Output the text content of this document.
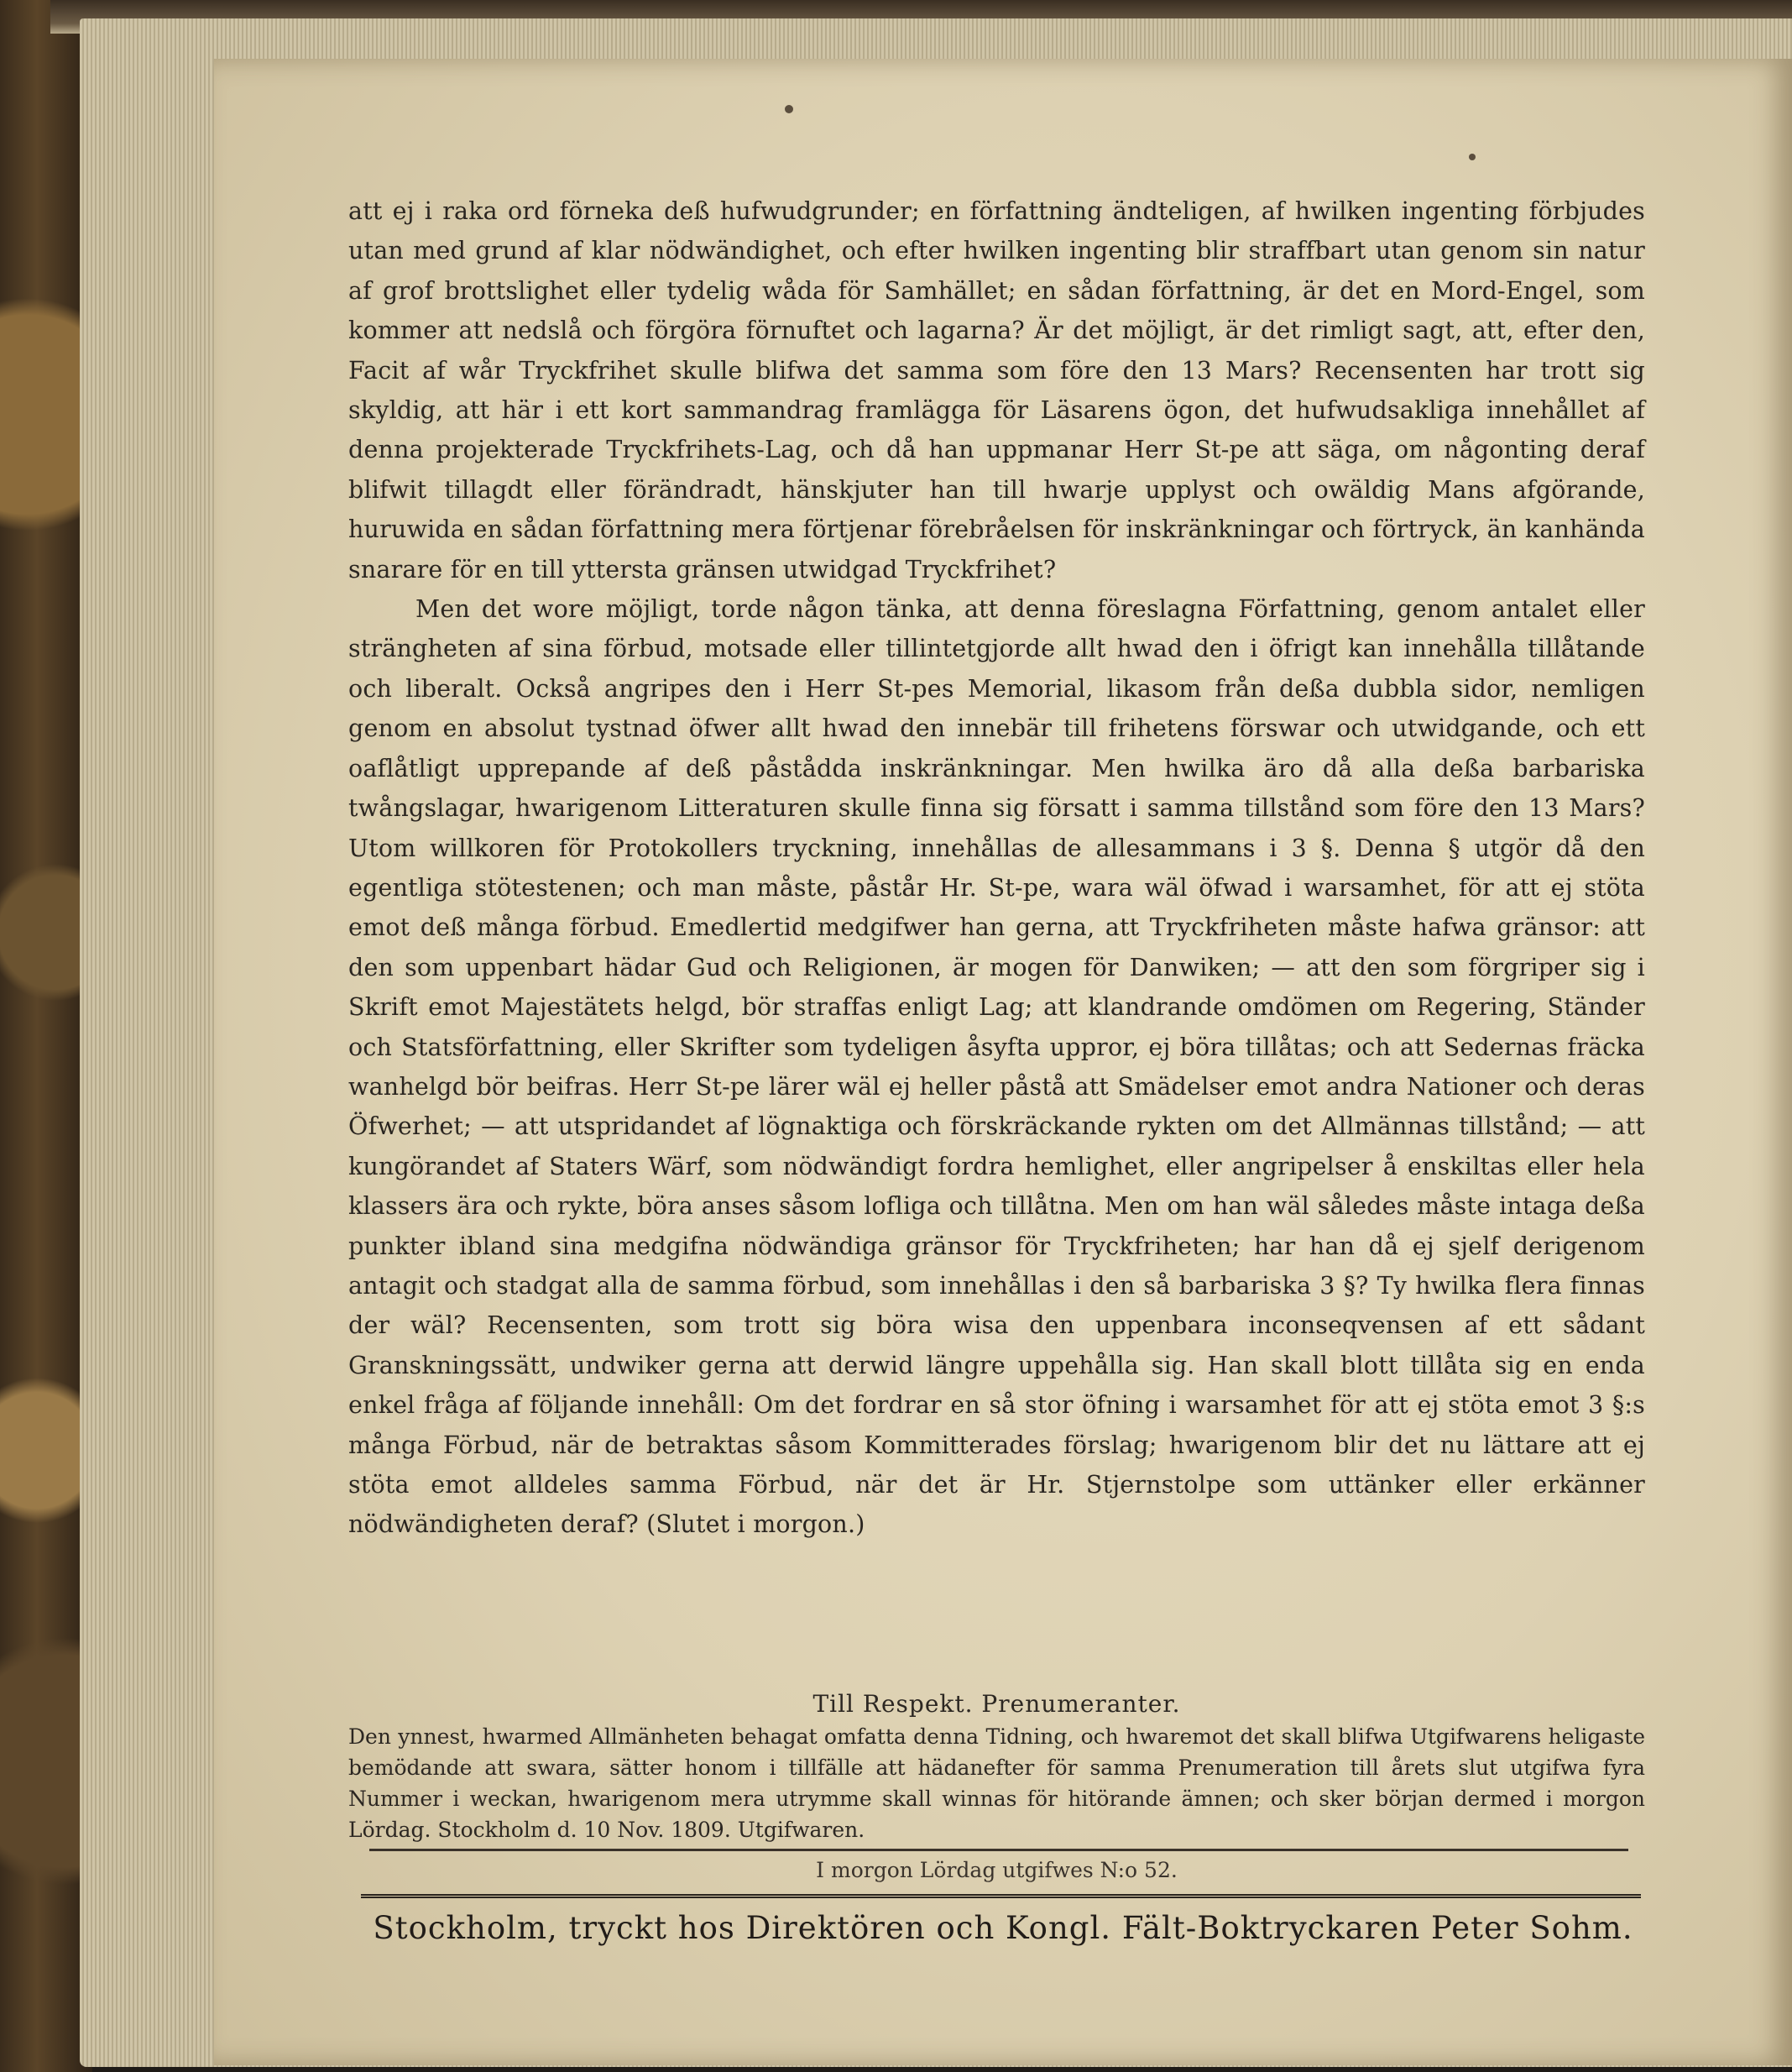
att ej i raka ord förneka deß hufwudgrunder; en författning ändteligen, af hwilken ingenting förbjudes utan med grund af klar nödwändighet, och efter hwilken ingenting blir straffbart utan genom sin natur af grof brottslighet eller tydelig wåda för Samhället; en sådan författning, är det en Mord-Engel, som kommer att nedslå och förgöra förnuftet och lagarna? Är det möjligt, är det rimligt sagt, att, efter den, Facit af wår Tryckfrihet skulle blifwa det samma som före den 13 Mars? Recensenten har trott sig skyldig, att här i ett kort sammandrag framlägga för Läsarens ögon, det hufwudsakliga innehållet af denna projekterade Tryckfrihets-Lag, och då han uppmanar Herr St-pe att säga, om någonting deraf blifwit tillagdt eller förändradt, hänskjuter han till hwarje upplyst och owäldig Mans afgörande, huruwida en sådan författning mera förtjenar förebråelsen för inskränkningar och förtryck, än kanhända snarare för en till yttersta gränsen utwidgad Tryckfrihet?

Men det wore möjligt, torde någon tänka, att denna föreslagna Författning, genom antalet eller strängheten af sina förbud, motsade eller tillintetgjorde allt hwad den i öfrigt kan innehålla tillåtande och liberalt. Också angripes den i Herr St-pes Memorial, likasom från deßa dubbla sidor, nemligen genom en absolut tystnad öfwer allt hwad den innebär till frihetens förswar och utwidgande, och ett oaflåtligt upprepande af deß påstådda inskränkningar. Men hwilka äro då alla deßa barbariska twångslagar, hwarigenom Litteraturen skulle finna sig försatt i samma tillstånd som före den 13 Mars? Utom willkoren för Protokollers tryckning, innehållas de allesammans i 3 §. Denna § utgör då den egentliga stötestenen; och man måste, påstår Hr. St-pe, wara wäl öfwad i warsamhet, för att ej stöta emot deß många förbud. Emedlertid medgifwer han gerna, att Tryckfriheten måste hafwa gränsor: att den som uppenbart hädar Gud och Religionen, är mogen för Danwiken; — att den som förgriper sig i Skrift emot Majestätets helgd, bör straffas enligt Lag; att klandrande omdömen om Regering, Ständer och Statsförfattning, eller Skrifter som tydeligen åsyfta uppror, ej böra tillåtas; och att Sedernas fräcka wanhelgd bör beifras. Herr St-pe lärer wäl ej heller påstå att Smädelser emot andra Nationer och deras Öfwerhet; — att utspridandet af lögnaktiga och förskräckande rykten om det Allmännas tillstånd; — att kungörandet af Staters Wärf, som nödwändigt fordra hemlighet, eller angripelser å enskiltas eller hela klassers ära och rykte, böra anses såsom lofliga och tillåtna. Men om han wäl således måste intaga deßa punkter ibland sina medgifna nödwändiga gränsor för Tryckfriheten; har han då ej sjelf derigenom antagit och stadgat alla de samma förbud, som innehållas i den så barbariska 3 §? Ty hwilka flera finnas der wäl? Recensenten, som trott sig böra wisa den uppenbara inconseqvensen af ett sådant Granskningssätt, undwiker gerna att derwid längre uppehålla sig. Han skall blott tillåta sig en enda enkel fråga af följande innehåll: Om det fordrar en så stor öfning i warsamhet för att ej stöta emot 3 §:s många Förbud, när de betraktas såsom Kommitterades förslag; hwarigenom blir det nu lättare att ej stöta emot alldeles samma Förbud, när det är Hr. Stjernstolpe som uttänker eller erkänner nödwändigheten deraf? (Slutet i morgon.)

Till Respekt. Prenumeranter.
Den ynnest, hwarmed Allmänheten behagat omfatta denna Tidning, och hwaremot det skall blifwa Utgifwarens heligaste bemödande att swara, sätter honom i tillfälle att hädanefter för samma Prenumeration till årets slut utgifwa fyra Nummer i weckan, hwarigenom mera utrymme skall winnas för hitörande ämnen; och sker början dermed i morgon Lördag. Stockholm d. 10 Nov. 1809. Utgifwaren.
I morgon Lördag utgifwes N:o 52.
Stockholm, tryckt hos Direktören och Kongl. Fält-Boktryckaren Peter Sohm.
